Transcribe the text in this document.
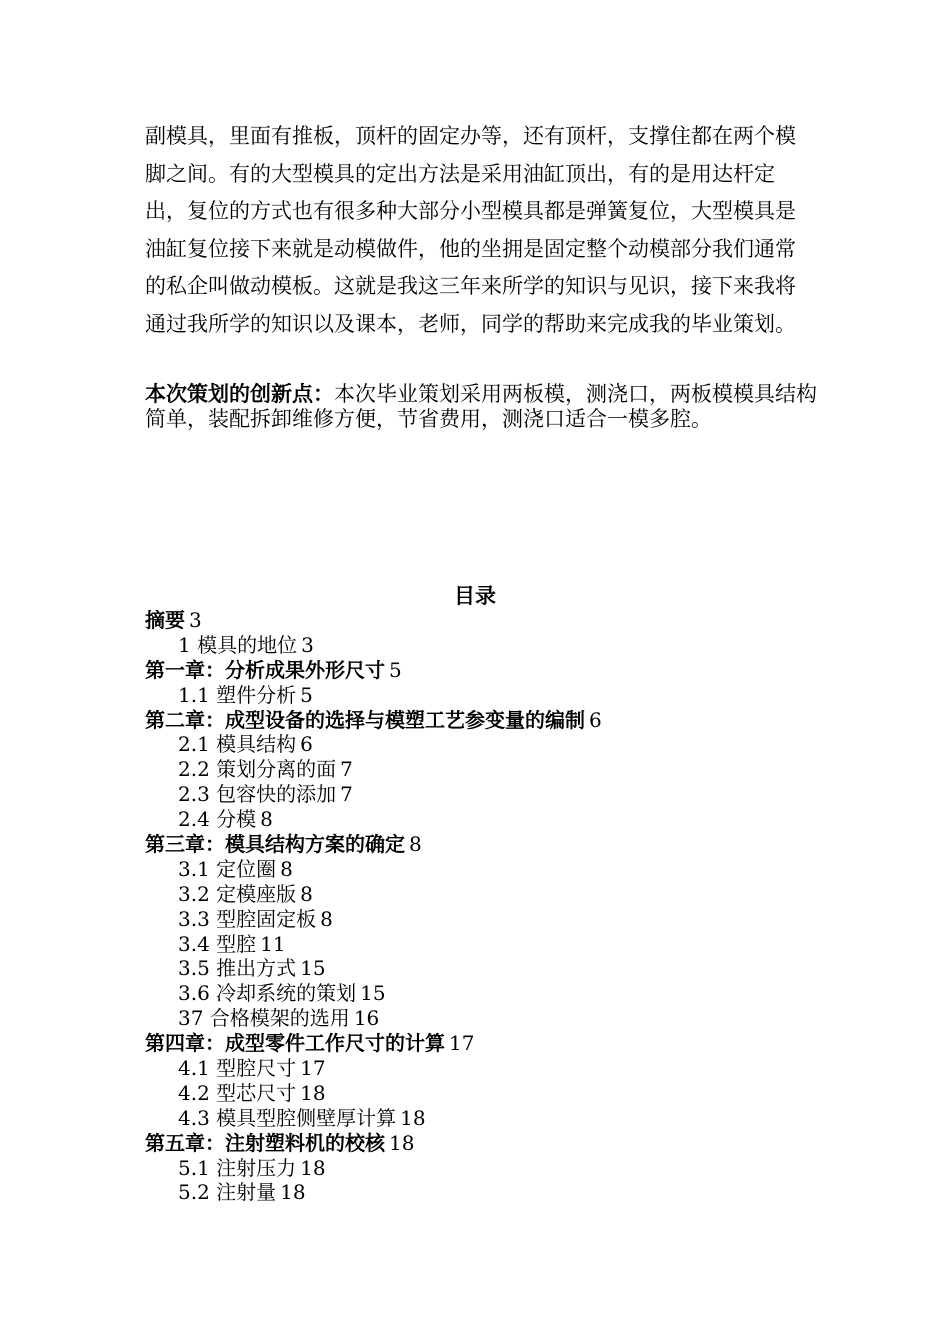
副模具，里面有推板，顶杆的固定办等，还有顶杆，支撑住都在两个模脚之间。有的大型模具的定出方法是采用油缸顶出，有的是用达杆定出，复位的方式也有很多种大部分小型模具都是弹簧复位，大型模具是油缸复位接下来就是动模做件，他的坐拥是固定整个动模部分我们通常的私企叫做动模板。这就是我这三年来所学的知识与见识，接下来我将通过我所学的知识以及课本，老师，同学的帮助来完成我的毕业策划。

本次策划的创新点：本次毕业策划采用两板模，测浇口，两板模模具结构简单，装配拆卸维修方便，节省费用，测浇口适合一模多腔。

目录
摘要 3
1 模具的地位 3
第一章：分析成果外形尺寸 5
1.1 塑件分析 5
第二章：成型设备的选择与模塑工艺参变量的编制 6
2.1 模具结构 6
2.2 策划分离的面 7
2.3 包容快的添加 7
2.4 分模 8
第三章：模具结构方案的确定 8
3.1 定位圈 8
3.2 定模座版 8
3.3 型腔固定板 8
3.4 型腔 11
3.5 推出方式 15
3.6 冷却系统的策划 15
37 合格模架的选用 16
第四章：成型零件工作尺寸的计算 17
4.1 型腔尺寸 17
4.2 型芯尺寸 18
4.3 模具型腔侧壁厚计算 18
第五章：注射塑料机的校核 18
5.1 注射压力 18
5.2 注射量 18
